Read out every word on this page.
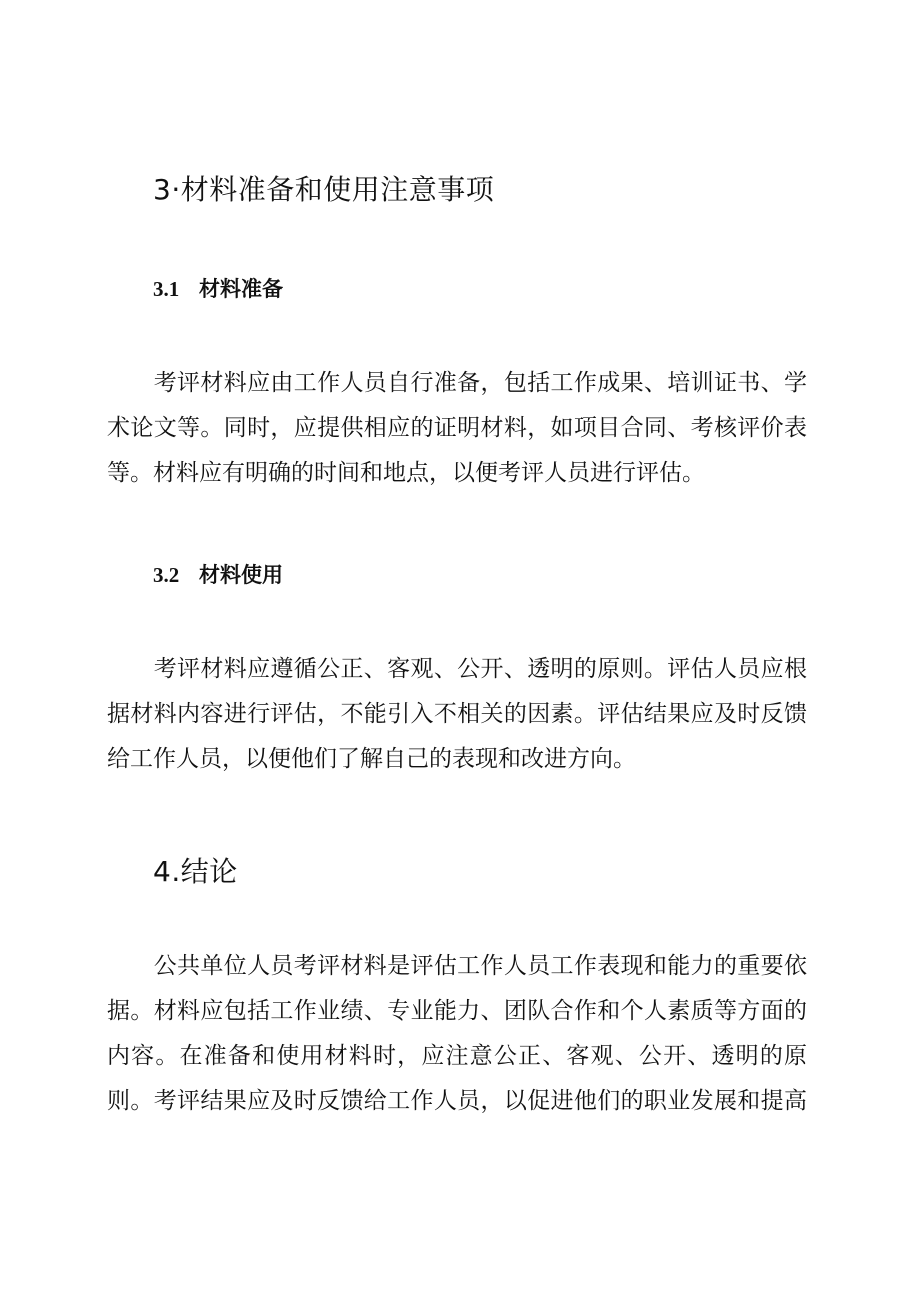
3·材料准备和使用注意事项
3.1 材料准备
　　考评材料应由工作人员自行准备，包括工作成果、培训证书、学
术论文等。同时，应提供相应的证明材料，如项目合同、考核评价表
等。材料应有明确的时间和地点，以便考评人员进行评估。
3.2 材料使用
　　考评材料应遵循公正、客观、公开、透明的原则。评估人员应根
据材料内容进行评估，不能引入不相关的因素。评估结果应及时反馈
给工作人员，以便他们了解自己的表现和改进方向。
4.结论
　　公共单位人员考评材料是评估工作人员工作表现和能力的重要依
据。材料应包括工作业绩、专业能力、团队合作和个人素质等方面的
内容。在准备和使用材料时，应注意公正、客观、公开、透明的原
则。考评结果应及时反馈给工作人员，以促进他们的职业发展和提高
